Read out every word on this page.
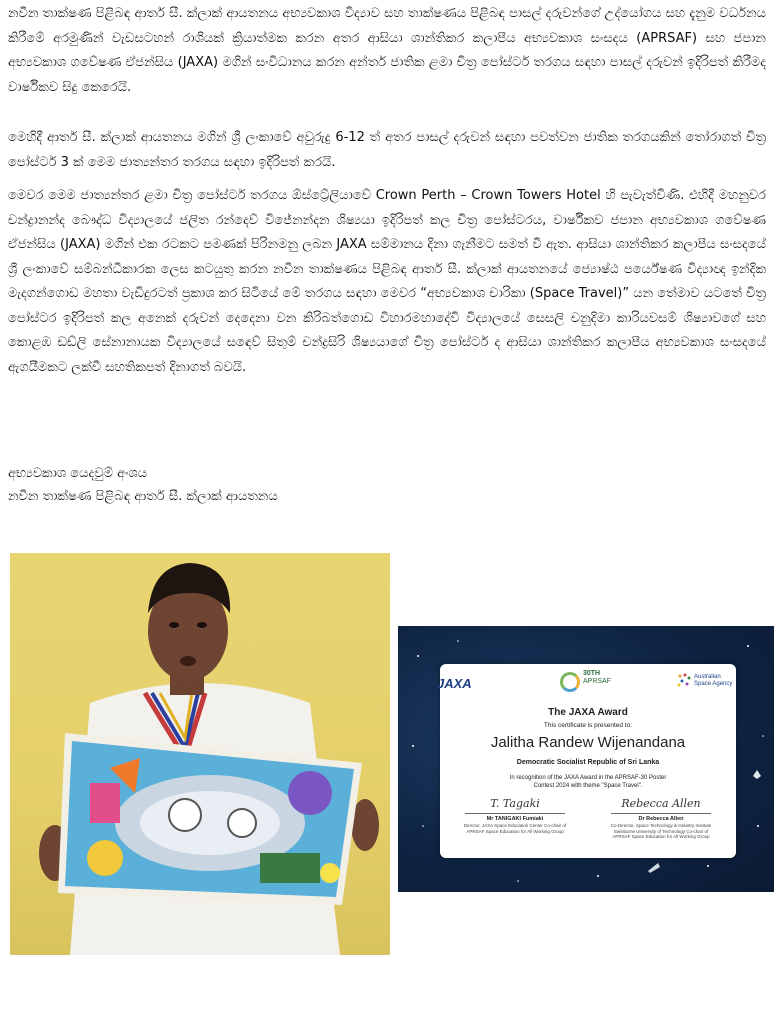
නවීන තාක්ෂණ පිළිබඳ ආතර් සී. ක්ලාක් ආයතනය අභ්‍යවකාශ විද්‍යාව සහ තාක්ෂණය පිළිබඳ පාසල් දරුවන්ගේ උද්යෝගය සහ දැනුම වර්ධනය කිරීමේ අරමුණින් වැඩසටහන් රාශියක් ක්‍රියාත්මක කරන අතර ආසියා ශාන්තිකර කලාපීය අභ්‍යවකාශ සංසදය (APRSAF) සහ ජපාන අභ්‍යවකාශ ගවේෂණ ඒජන්සිය (JAXA) මගින් සංවිධානය කරන අන්තර් ජාතික ළමා චිත්‍ර පෝස්ටර් තරගය සඳහා පාසල් දරුවන් ඉදිරිපත් කිරීමද වාර්ෂිකව සිදු කෙරෙයි.

මෙහිදී ආතර් සී. ක්ලාක් ආයතනය මගින් ශ්‍රී ලංකාවේ අවුරුදු 6-12 ත් අතර පාසල් දරුවන් සඳහා පවත්වන ජාතික තරගයකින් තෝරාගත් චිත්‍ර පෝස්ටර් 3 ක් මෙම ජාත්‍යන්තර තරගය සඳහා ඉදිරිපත් කරයි.

මෙවර මෙම ජාත්‍යන්තර ළමා චිත්‍ර පෝස්ටර් තරගය ඕස්ට්‍රේලියාවේ Crown Perth – Crown Towers Hotel හි පැවැත්විණි. එහිදී මහනුවර චන්ද්‍රානන්ද බෞද්ධ විද්‍යාලයේ ජලිත රන්දෙව් විජේනන්දන ශිෂ්‍යයා ඉදිරිපත් කල චිත්‍ර පෝස්ටරය, වාර්ෂිකව ජපාන අභ්‍යවකාශ ගවේෂණ ඒජන්සිය (JAXA) මගින් එක රටකට පමණක් පිරිනමනු ලබන JAXA සම්මානය දිනා ගැනීමට සමත් වී ඇත. ආසියා ශාන්තිකර කලාපීය සංසදයේ ශ්‍රී ලංකාවේ සම්බන්ධීකාරක ලෙස කටයුතු කරන නවීන තාක්ෂණය පිළිබඳ ආතර් සී. ක්ලාක් ආයතනයේ ජ්‍යොෂ්ඨ පර්යේෂණ විද්‍යාඥ ඉන්දික මැදගන්ගොඩ මහතා වැඩිදුරටත් ප්‍රකාශ කර සිටියේ මේ තරගය සඳහා මෙවර “අභ්‍යවකාශ චාරිකා (Space Travel)” යන තේමාව යටතේ චිත්‍ර පෝස්ටර ඉදිරිපත් කල අනෙක් දරුවන් දෙදෙනා වන කිරිබත්ගොඩ විහාරමහාදේවි විද්‍යාලයේ සෙසලි චනුදිමා කාරියවසම් ශිෂ්‍යාවගේ සහ කොළඹ ඩඩ්ලි සේනානායක විද්‍යාලයේ සඳෙව් සිතුම් චන්ද්‍රසිරි ශිෂ්‍යයාගේ චිත්‍ර පෝස්ටර් ද ආසියා ශාන්තිකර කලාපීය අභ්‍යවකාශ සංසදයේ ඇගයීමකට ලක්වී සහතිකපත් දිනාගත් බවයි.

අභ්‍යවකාශ යෙදවුම් අංශය

නවීන තාක්ෂණ පිළිබඳ ආතර් සී. ක්ලාක් ආයතනය

JAXA
30TH
APRSAF
Australian Space Agency
The JAXA Award
This certificate is presented to:
Jalitha Randew Wijenandana
Democratic Socialist Republic of Sri Lanka
In recognition of the JAXA Award in the APRSAF-30 Poster Contest 2024 with theme "Space Travel".
T. Tagaki	Rebecca Allen
Mr TANIGAKI Fumiaki	Dr Rebecca Allen
Director, JAXA Space Education Center Co-chair of APRSAF Space Education for All Working Group
Co-Director, Space Technology & Industry Institute Swinburne University of Technology Co-chair of APRSAF Space Education for All Working Group
